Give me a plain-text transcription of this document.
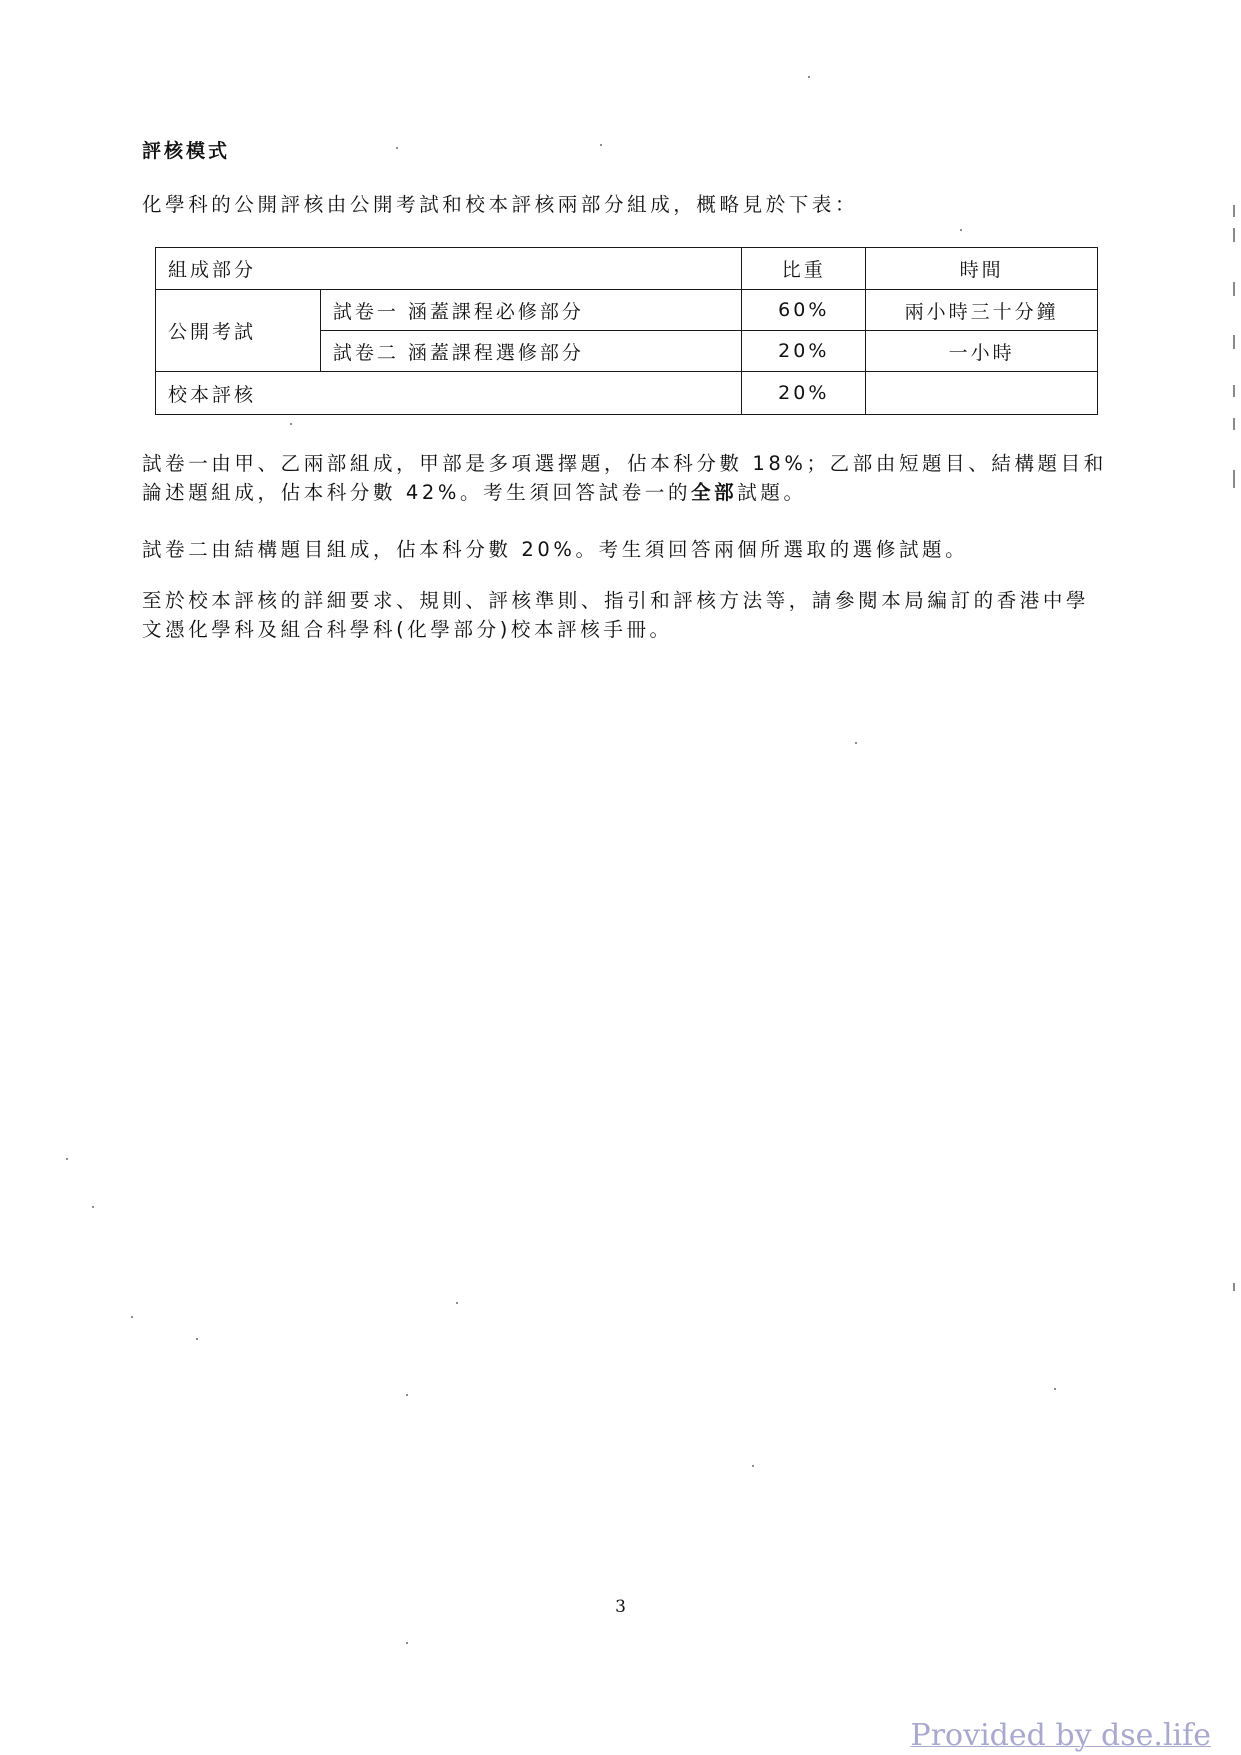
評核模式

化學科的公開評核由公開考試和校本評核兩部分組成，概略見於下表：

組成部分		比重	時間
公開考試	試卷一 涵蓋課程必修部分	60%	兩小時三十分鐘
	試卷二 涵蓋課程選修部分	20%	一小時
校本評核		20%	

試卷一由甲、乙兩部組成，甲部是多項選擇題，佔本科分數 18%；乙部由短題目、結構題目和論述題組成，佔本科分數 42%。考生須回答試卷一的全部試題。

試卷二由結構題目組成，佔本科分數 20%。考生須回答兩個所選取的選修試題。

至於校本評核的詳細要求、規則、評核準則、指引和評核方法等，請參閱本局編訂的香港中學文憑化學科及組合科學科(化學部分)校本評核手冊。

3
Provided by dse.life
